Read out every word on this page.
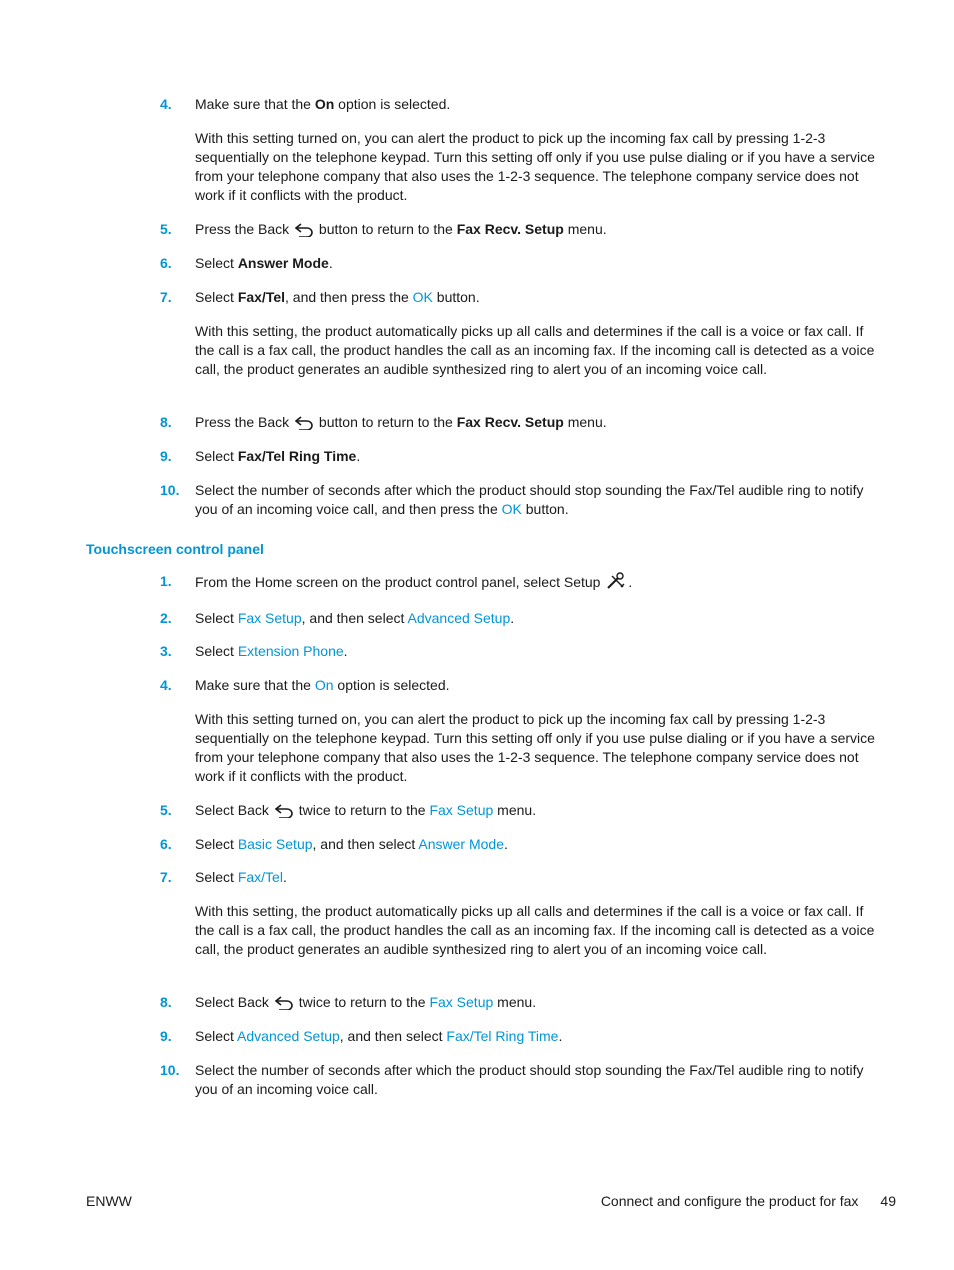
4. Make sure that the On option is selected.
With this setting turned on, you can alert the product to pick up the incoming fax call by pressing 1-2-3 sequentially on the telephone keypad. Turn this setting off only if you use pulse dialing or if you have a service from your telephone company that also uses the 1-2-3 sequence. The telephone company service does not work if it conflicts with the product.
5. Press the Back  button to return to the Fax Recv. Setup menu.
6. Select Answer Mode.
7. Select Fax/Tel, and then press the OK button.
With this setting, the product automatically picks up all calls and determines if the call is a voice or fax call. If the call is a fax call, the product handles the call as an incoming fax. If the incoming call is detected as a voice call, the product generates an audible synthesized ring to alert you of an incoming voice call.
8. Press the Back  button to return to the Fax Recv. Setup menu.
9. Select Fax/Tel Ring Time.
10. Select the number of seconds after which the product should stop sounding the Fax/Tel audible ring to notify you of an incoming voice call, and then press the OK button.
Touchscreen control panel
1. From the Home screen on the product control panel, select Setup .
2. Select Fax Setup, and then select Advanced Setup.
3. Select Extension Phone.
4. Make sure that the On option is selected.
With this setting turned on, you can alert the product to pick up the incoming fax call by pressing 1-2-3 sequentially on the telephone keypad. Turn this setting off only if you use pulse dialing or if you have a service from your telephone company that also uses the 1-2-3 sequence. The telephone company service does not work if it conflicts with the product.
5. Select Back  twice to return to the Fax Setup menu.
6. Select Basic Setup, and then select Answer Mode.
7. Select Fax/Tel.
With this setting, the product automatically picks up all calls and determines if the call is a voice or fax call. If the call is a fax call, the product handles the call as an incoming fax. If the incoming call is detected as a voice call, the product generates an audible synthesized ring to alert you of an incoming voice call.
8. Select Back  twice to return to the Fax Setup menu.
9. Select Advanced Setup, and then select Fax/Tel Ring Time.
10. Select the number of seconds after which the product should stop sounding the Fax/Tel audible ring to notify you of an incoming voice call.
ENWW	Connect and configure the product for fax 49
